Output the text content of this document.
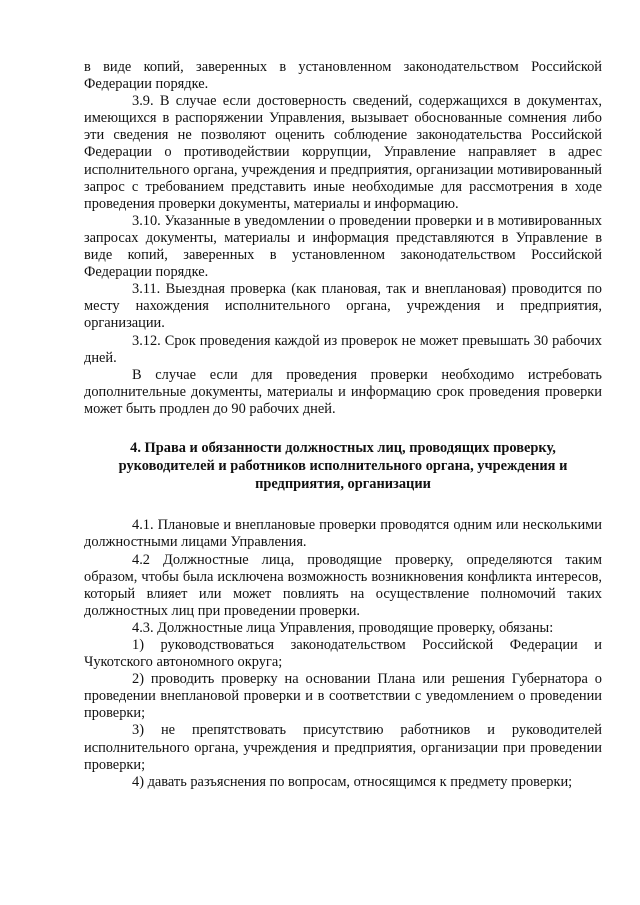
в виде копий, заверенных в установленном законодательством Российской Федерации порядке.

3.9. В случае если достоверность сведений, содержащихся в документах, имеющихся в распоряжении Управления, вызывает обоснованные сомнения либо эти сведения не позволяют оценить соблюдение законодательства Российской Федерации о противодействии коррупции, Управление направляет в адрес исполнительного органа, учреждения и предприятия, организации мотивированный запрос с требованием представить иные необходимые для рассмотрения в ходе проведения проверки документы, материалы и информацию.

3.10. Указанные в уведомлении о проведении проверки и в мотивированных запросах документы, материалы и информация представляются в Управление в виде копий, заверенных в установленном законодательством Российской Федерации порядке.

3.11. Выездная проверка (как плановая, так и внеплановая) проводится по месту нахождения исполнительного органа, учреждения и предприятия, организации.

3.12. Срок проведения каждой из проверок не может превышать 30 рабочих дней.

В случае если для проведения проверки необходимо истребовать дополнительные документы, материалы и информацию срок проведения проверки может быть продлен до 90 рабочих дней.

4. Права и обязанности должностных лиц, проводящих проверку,
руководителей и работников исполнительного органа, учреждения и
предприятия, организации

4.1. Плановые и внеплановые проверки проводятся одним или несколькими должностными лицами Управления.

4.2 Должностные лица, проводящие проверку, определяются таким образом, чтобы была исключена возможность возникновения конфликта интересов, который влияет или может повлиять на осуществление полномочий таких должностных лиц при проведении проверки.

4.3. Должностные лица Управления, проводящие проверку, обязаны:

1) руководствоваться законодательством Российской Федерации и Чукотского автономного округа;

2) проводить проверку на основании Плана или решения Губернатора о проведении внеплановой проверки и в соответствии с уведомлением о проведении проверки;

3) не препятствовать присутствию работников и руководителей исполнительного органа, учреждения и предприятия, организации при проведении проверки;

4) давать разъяснения по вопросам, относящимся к предмету проверки;
